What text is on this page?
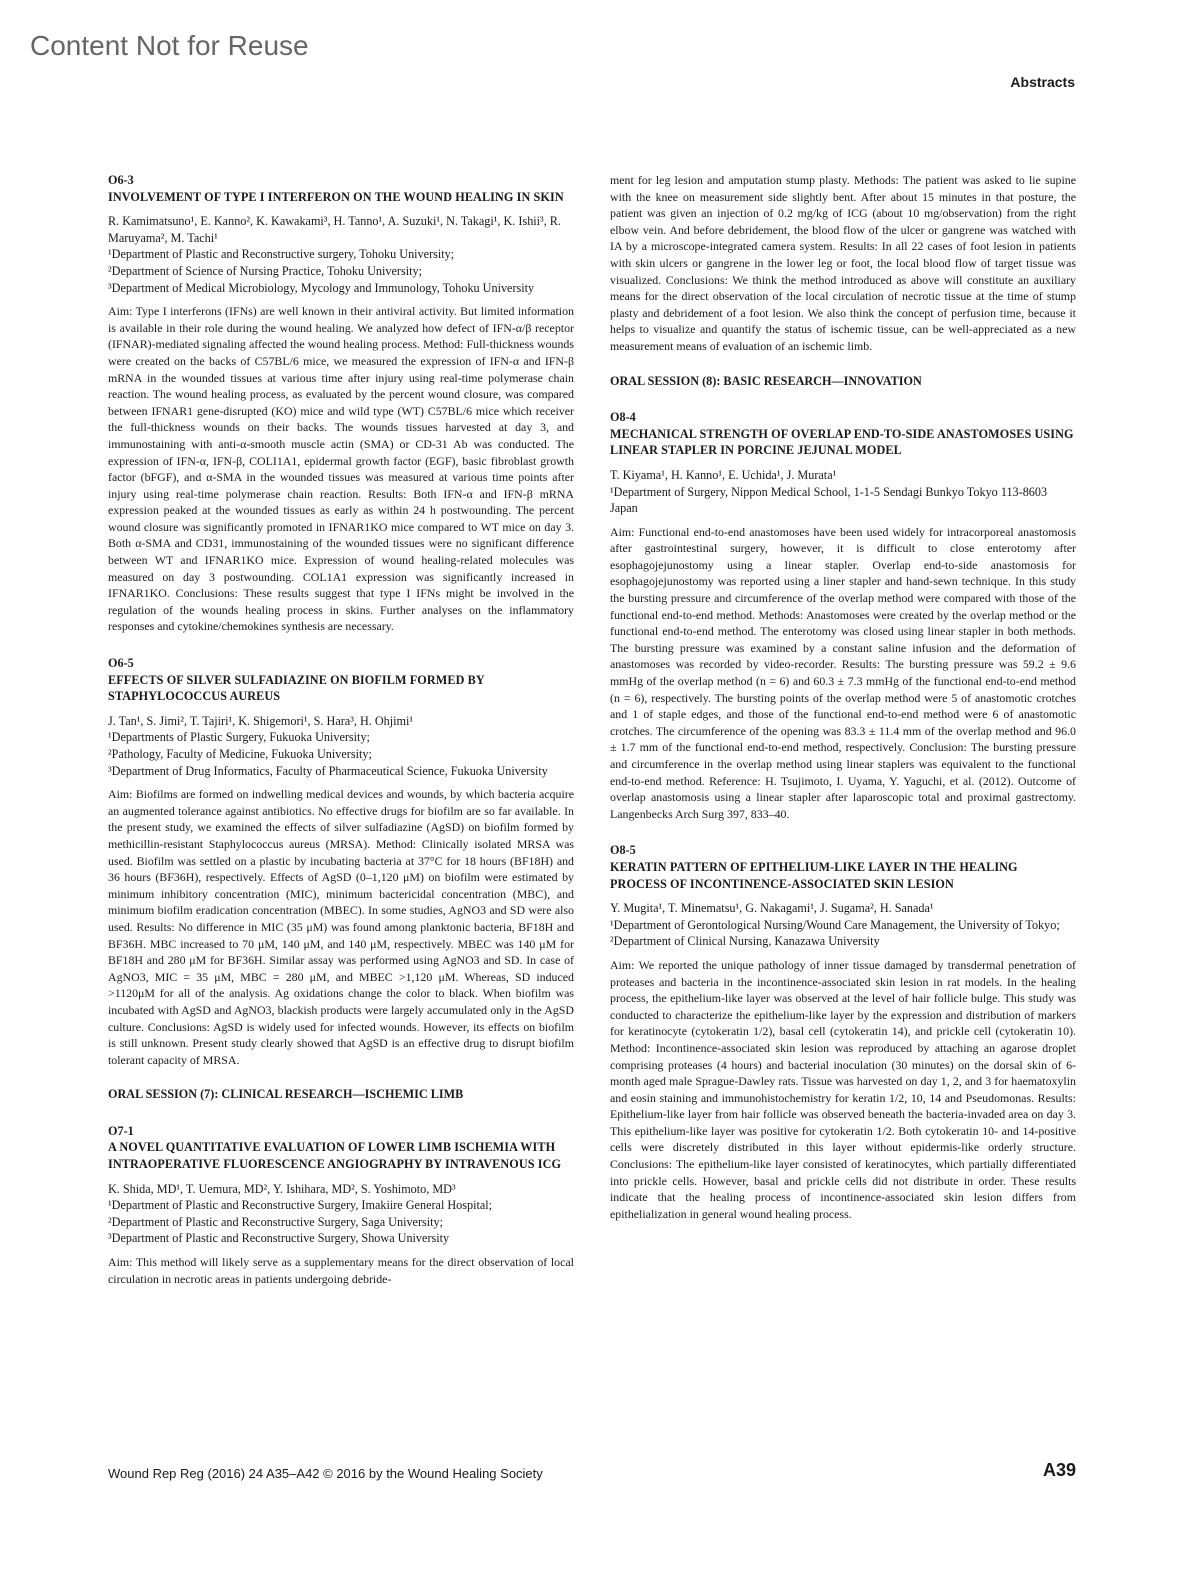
Content Not for Reuse
Abstracts

O6-3

INVOLVEMENT OF TYPE I INTERFERON ON THE WOUND HEALING IN SKIN

R. Kamimatsuno¹, E. Kanno², K. Kawakami³, H. Tanno¹, A. Suzuki¹, N. Takagi¹, K. Ishii³, R. Maruyama², M. Tachi¹

¹Department of Plastic and Reconstructive surgery, Tohoku University;

²Department of Science of Nursing Practice, Tohoku University;

³Department of Medical Microbiology, Mycology and Immunology, Tohoku University

Aim: Type I interferons (IFNs) are well known in their antiviral activity. But limited information is available in their role during the wound healing. We analyzed how defect of IFN-α/β receptor (IFNAR)-mediated signaling affected the wound healing process. Method: Full-thickness wounds were created on the backs of C57BL/6 mice, we measured the expression of IFN-α and IFN-β mRNA in the wounded tissues at various time after injury using real-time polymerase chain reaction. The wound healing process, as evaluated by the percent wound closure, was compared between IFNAR1 gene-disrupted (KO) mice and wild type (WT) C57BL/6 mice which receiver the full-thickness wounds on their backs. The wounds tissues harvested at day 3, and immunostaining with anti-α-smooth muscle actin (SMA) or CD-31 Ab was conducted. The expression of IFN-α, IFN-β, COLI1A1, epidermal growth factor (EGF), basic fibroblast growth factor (bFGF), and α-SMA in the wounded tissues was measured at various time points after injury using real-time polymerase chain reaction. Results: Both IFN-α and IFN-β mRNA expression peaked at the wounded tissues as early as within 24 h postwounding. The percent wound closure was significantly promoted in IFNAR1KO mice compared to WT mice on day 3. Both α-SMA and CD31, immunostaining of the wounded tissues were no significant difference between WT and IFNAR1KO mice. Expression of wound healing-related molecules was measured on day 3 postwounding. COL1A1 expression was significantly increased in IFNAR1KO. Conclusions: These results suggest that type I IFNs might be involved in the regulation of the wounds healing process in skins. Further analyses on the inflammatory responses and cytokine/chemokines synthesis are necessary.

O6-5

EFFECTS OF SILVER SULFADIAZINE ON BIOFILM FORMED BY STAPHYLOCOCCUS AUREUS

J. Tan¹, S. Jimi², T. Tajiri¹, K. Shigemori¹, S. Hara³, H. Ohjimi¹

¹Departments of Plastic Surgery, Fukuoka University;

²Pathology, Faculty of Medicine, Fukuoka University;

³Department of Drug Informatics, Faculty of Pharmaceutical Science, Fukuoka University

Aim: Biofilms are formed on indwelling medical devices and wounds, by which bacteria acquire an augmented tolerance against antibiotics. No effective drugs for biofilm are so far available. In the present study, we examined the effects of silver sulfadiazine (AgSD) on biofilm formed by methicillin-resistant Staphylococcus aureus (MRSA). Method: Clinically isolated MRSA was used. Biofilm was settled on a plastic by incubating bacteria at 37°C for 18 hours (BF18H) and 36 hours (BF36H), respectively. Effects of AgSD (0–1,120 μM) on biofilm were estimated by minimum inhibitory concentration (MIC), minimum bactericidal concentration (MBC), and minimum biofilm eradication concentration (MBEC). In some studies, AgNO3 and SD were also used. Results: No difference in MIC (35 μM) was found among planktonic bacteria, BF18H and BF36H. MBC increased to 70 μM, 140 μM, and 140 μM, respectively. MBEC was 140 μM for BF18H and 280 μM for BF36H. Similar assay was performed using AgNO3 and SD. In case of AgNO3, MIC = 35 μM, MBC = 280 μM, and MBEC >1,120 μM. Whereas, SD induced >1120μM for all of the analysis. Ag oxidations change the color to black. When biofilm was incubated with AgSD and AgNO3, blackish products were largely accumulated only in the AgSD culture. Conclusions: AgSD is widely used for infected wounds. However, its effects on biofilm is still unknown. Present study clearly showed that AgSD is an effective drug to disrupt biofilm tolerant capacity of MRSA.

ORAL SESSION (7): CLINICAL RESEARCH—ISCHEMIC LIMB

O7-1

A NOVEL QUANTITATIVE EVALUATION OF LOWER LIMB ISCHEMIA WITH INTRAOPERATIVE FLUORESCENCE ANGIOGRAPHY BY INTRAVENOUS ICG

K. Shida, MD¹, T. Uemura, MD², Y. Ishihara, MD², S. Yoshimoto, MD³

¹Department of Plastic and Reconstructive Surgery, Imakiire General Hospital;

²Department of Plastic and Reconstructive Surgery, Saga University;

³Department of Plastic and Reconstructive Surgery, Showa University

Aim: This method will likely serve as a supplementary means for the direct observation of local circulation in necrotic areas in patients undergoing debride-

ment for leg lesion and amputation stump plasty. Methods: The patient was asked to lie supine with the knee on measurement side slightly bent. After about 15 minutes in that posture, the patient was given an injection of 0.2 mg/kg of ICG (about 10 mg/observation) from the right elbow vein. And before debridement, the blood flow of the ulcer or gangrene was watched with IA by a microscope-integrated camera system. Results: In all 22 cases of foot lesion in patients with skin ulcers or gangrene in the lower leg or foot, the local blood flow of target tissue was visualized. Conclusions: We think the method introduced as above will constitute an auxiliary means for the direct observation of the local circulation of necrotic tissue at the time of stump plasty and debridement of a foot lesion. We also think the concept of perfusion time, because it helps to visualize and quantify the status of ischemic tissue, can be well-appreciated as a new measurement means of evaluation of an ischemic limb.

ORAL SESSION (8): BASIC RESEARCH—INNOVATION

O8-4

MECHANICAL STRENGTH OF OVERLAP END-TO-SIDE ANASTOMOSES USING LINEAR STAPLER IN PORCINE JEJUNAL MODEL

T. Kiyama¹, H. Kanno¹, E. Uchida¹, J. Murata¹

¹Department of Surgery, Nippon Medical School, 1-1-5 Sendagi Bunkyo Tokyo 113-8603 Japan

Aim: Functional end-to-end anastomoses have been used widely for intracorporeal anastomosis after gastrointestinal surgery, however, it is difficult to close enterotomy after esophagojejunostomy using a linear stapler. Overlap end-to-side anastomosis for esophagojejunostomy was reported using a liner stapler and hand-sewn technique. In this study the bursting pressure and circumference of the overlap method were compared with those of the functional end-to-end method. Methods: Anastomoses were created by the overlap method or the functional end-to-end method. The enterotomy was closed using linear stapler in both methods. The bursting pressure was examined by a constant saline infusion and the deformation of anastomoses was recorded by video-recorder. Results: The bursting pressure was 59.2 ± 9.6 mmHg of the overlap method (n = 6) and 60.3 ± 7.3 mmHg of the functional end-to-end method (n = 6), respectively. The bursting points of the overlap method were 5 of anastomotic crotches and 1 of staple edges, and those of the functional end-to-end method were 6 of anastomotic crotches. The circumference of the opening was 83.3 ± 11.4 mm of the overlap method and 96.0 ± 1.7 mm of the functional end-to-end method, respectively. Conclusion: The bursting pressure and circumference in the overlap method using linear staplers was equivalent to the functional end-to-end method. Reference: H. Tsujimoto, I. Uyama, Y. Yaguchi, et al. (2012). Outcome of overlap anastomosis using a linear stapler after laparoscopic total and proximal gastrectomy. Langenbecks Arch Surg 397, 833–40.

O8-5

KERATIN PATTERN OF EPITHELIUM-LIKE LAYER IN THE HEALING PROCESS OF INCONTINENCE-ASSOCIATED SKIN LESION

Y. Mugita¹, T. Minematsu¹, G. Nakagami¹, J. Sugama², H. Sanada¹

¹Department of Gerontological Nursing/Wound Care Management, the University of Tokyo;

²Department of Clinical Nursing, Kanazawa University

Aim: We reported the unique pathology of inner tissue damaged by transdermal penetration of proteases and bacteria in the incontinence-associated skin lesion in rat models. In the healing process, the epithelium-like layer was observed at the level of hair follicle bulge. This study was conducted to characterize the epithelium-like layer by the expression and distribution of markers for keratinocyte (cytokeratin 1/2), basal cell (cytokeratin 14), and prickle cell (cytokeratin 10). Method: Incontinence-associated skin lesion was reproduced by attaching an agarose droplet comprising proteases (4 hours) and bacterial inoculation (30 minutes) on the dorsal skin of 6-month aged male Sprague-Dawley rats. Tissue was harvested on day 1, 2, and 3 for haematoxylin and eosin staining and immunohistochemistry for keratin 1/2, 10, 14 and Pseudomonas. Results: Epithelium-like layer from hair follicle was observed beneath the bacteria-invaded area on day 3. This epithelium-like layer was positive for cytokeratin 1/2. Both cytokeratin 10- and 14-positive cells were discretely distributed in this layer without epidermis-like orderly structure. Conclusions: The epithelium-like layer consisted of keratinocytes, which partially differentiated into prickle cells. However, basal and prickle cells did not distribute in order. These results indicate that the healing process of incontinence-associated skin lesion differs from epithelialization in general wound healing process.

Wound Rep Reg (2016) 24 A35–A42 © 2016 by the Wound Healing Society	A39
